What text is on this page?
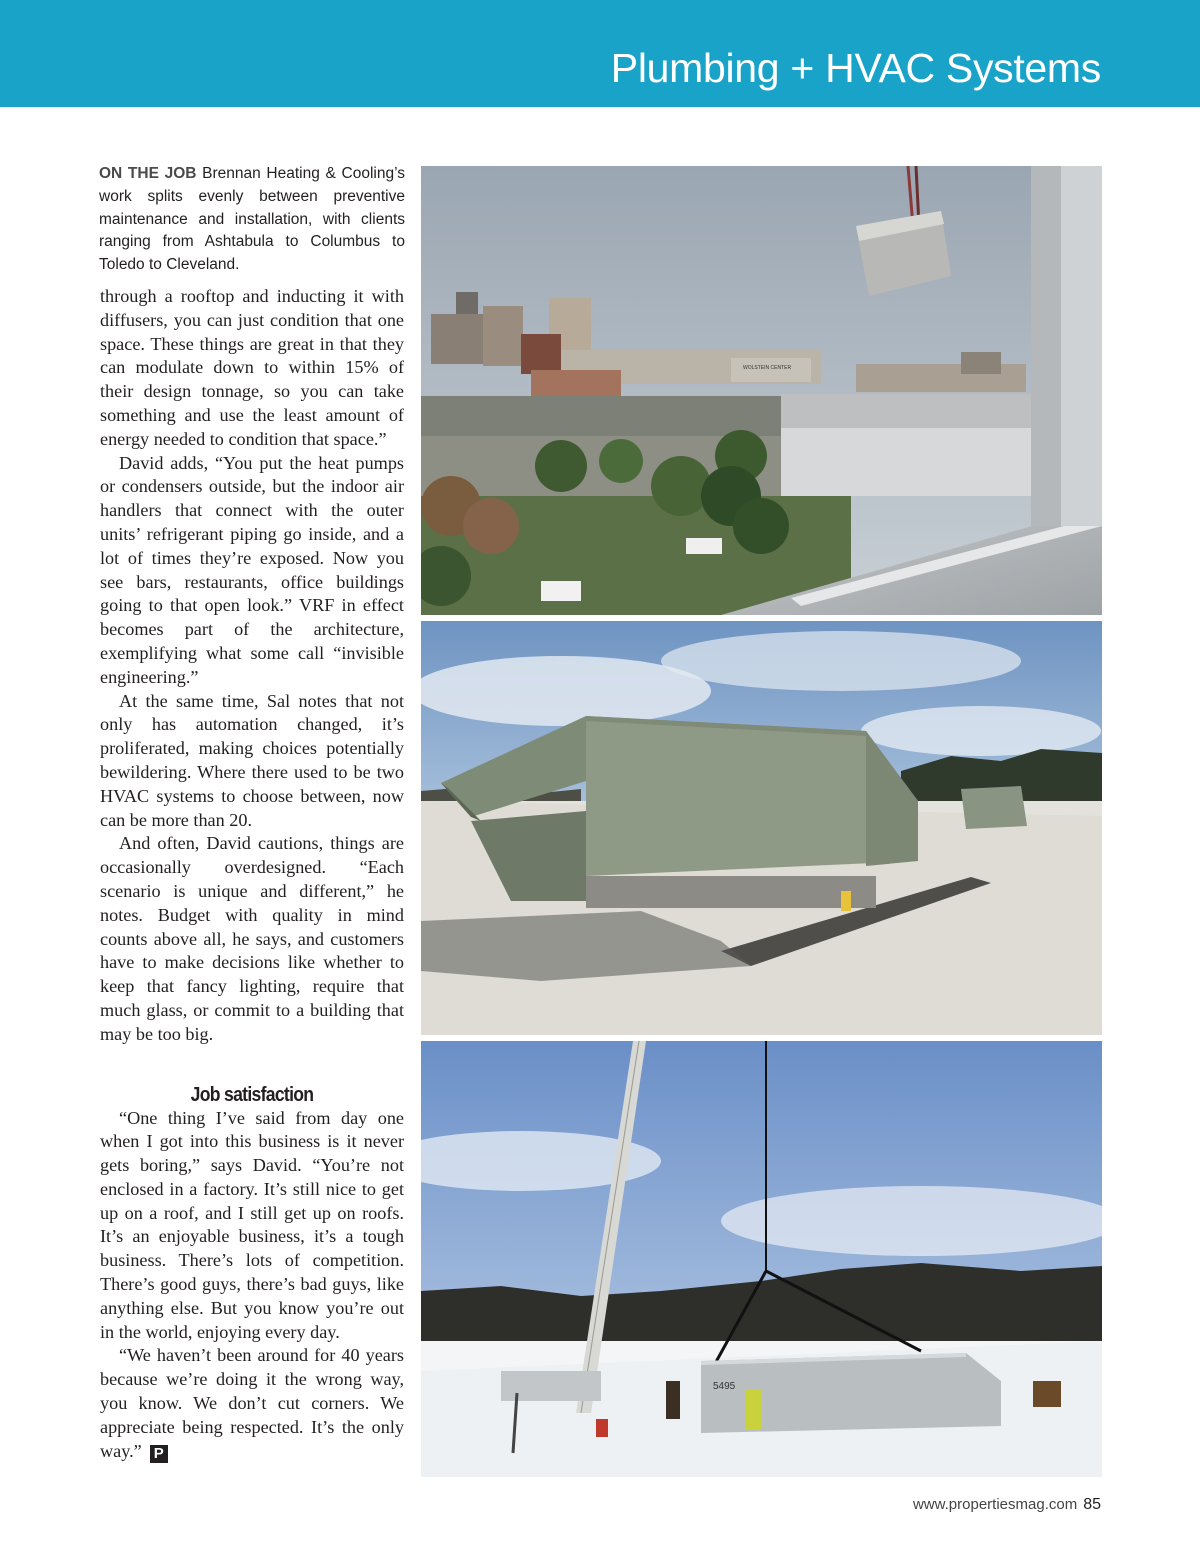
Plumbing + HVAC Systems
ON THE JOB Brennan Heating & Cooling’s work splits evenly between preventive maintenance and installation, with clients ranging from Ashtabula to Columbus to Toledo to Cleveland.

through a rooftop and inducting it with diffusers, you can just condition that one space. These things are great in that they can modulate down to within 15% of their design tonnage, so you can take something and use the least amount of energy needed to condition that space.”

David adds, “You put the heat pumps or condensers outside, but the indoor air handlers that connect with the outer units’ refrigerant piping go inside, and a lot of times they’re exposed. Now you see bars, restaurants, office buildings going to that open look.” VRF in effect becomes part of the architecture, exemplifying what some call “invisible engineering.”

At the same time, Sal notes that not only has automation changed, it’s proliferated, making choices potentially bewildering. Where there used to be two HVAC systems to choose between, now can be more than 20.

And often, David cautions, things are occasionally overdesigned. “Each scenario is unique and different,” he notes. Budget with quality in mind counts above all, he says, and customers have to make decisions like whether to keep that fancy lighting, require that much glass, or commit to a building that may be too big.

Job satisfaction

“One thing I’ve said from day one when I got into this business is it never gets boring,” says David. “You’re not enclosed in a factory. It’s still nice to get up on a roof, and I still get up on roofs. It’s an enjoyable business, it’s a tough business. There’s lots of competition. There’s good guys, there’s bad guys, like anything else. But you know you’re out in the world, enjoying every day.

“We haven’t been around for 40 years because we’re doing it the wrong way, you know. We don’t cut corners. We appreciate being respected. It’s the only way.” P

WOLSTEIN CENTER
5495
www.propertiesmag.com 85
